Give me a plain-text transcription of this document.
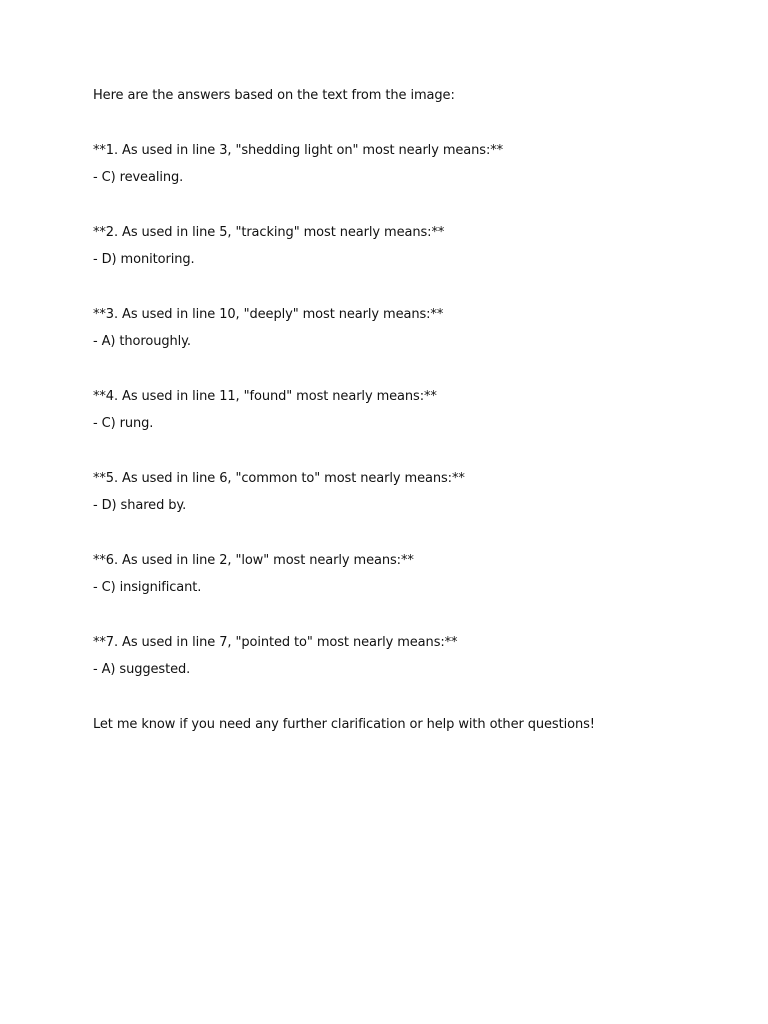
Here are the answers based on the text from the image:

**1. As used in line 3, "shedding light on" most nearly means:**

- C) revealing.

**2. As used in line 5, "tracking" most nearly means:**

- D) monitoring.

**3. As used in line 10, "deeply" most nearly means:**

- A) thoroughly.

**4. As used in line 11, "found" most nearly means:**

- C) rung.

**5. As used in line 6, "common to" most nearly means:**

- D) shared by.

**6. As used in line 2, "low" most nearly means:**

- C) insignificant.

**7. As used in line 7, "pointed to" most nearly means:**

- A) suggested.

Let me know if you need any further clarification or help with other questions!
